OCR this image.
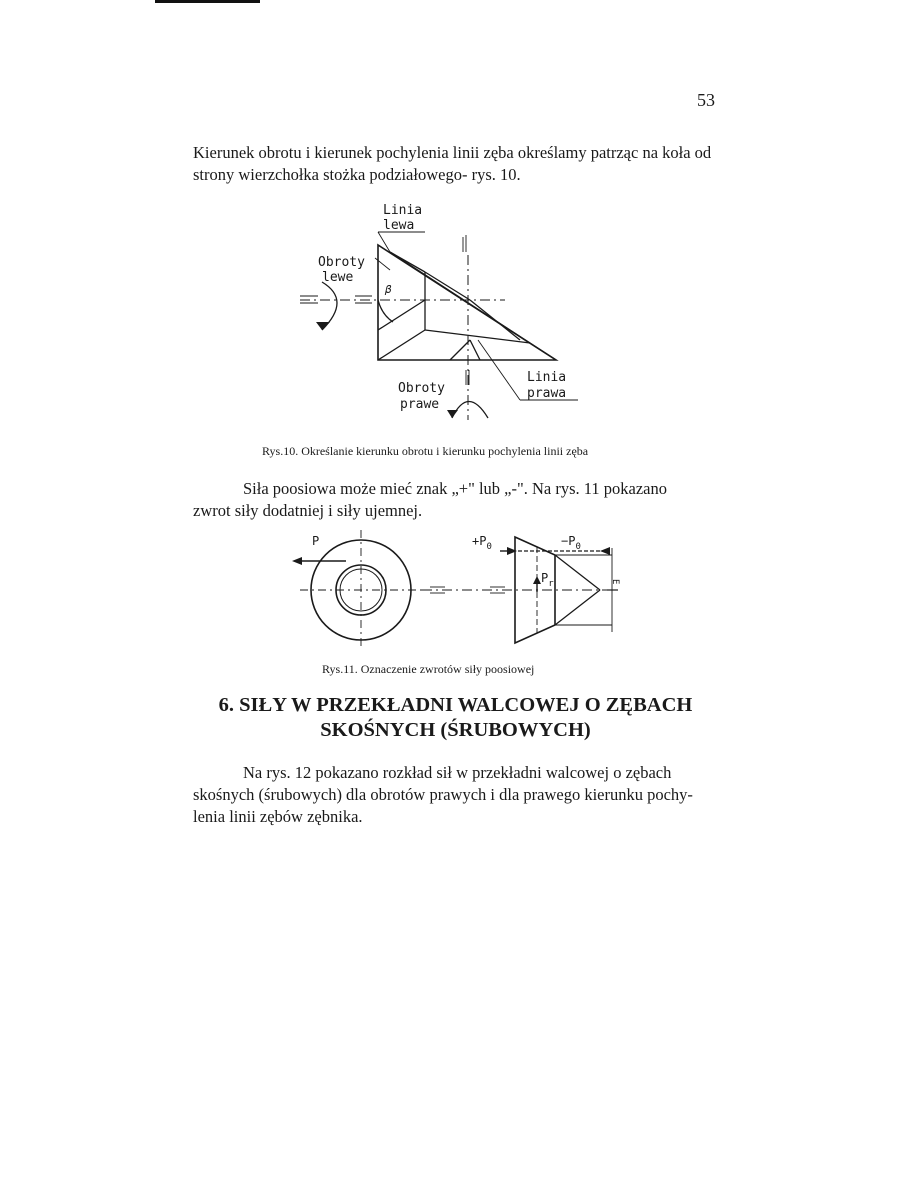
53

Kierunek obrotu i kierunek pochylenia linii zęba określamy patrząc na koła od strony wierzchołka stożka podziałowego- rys. 10.

Linia
lewa
Obroty
lewe
β
Obroty
prawe
Linia
prawa
Rys.10. Określanie kierunku obrotu i kierunku pochylenia linii zęba

Siła poosiowa może mieć znak „+" lub „-". Na rys. 11 pokazano
zwrot siły dodatniej i siły ujemnej.

P	$+P_0$	$-P_0$
$P_r$	E
Rys.11. Oznaczenie zwrotów siły poosiowej
6. SIŁY W PRZEKŁADNI WALCOWEJ O ZĘBACH
SKOŚNYCH (ŚRUBOWYCH)

Na rys. 12 pokazano rozkład sił w przekładni walcowej o zębach
skośnych (śrubowych) dla obrotów prawych i dla prawego kierunku pochy-
lenia linii zębów zębnika.
